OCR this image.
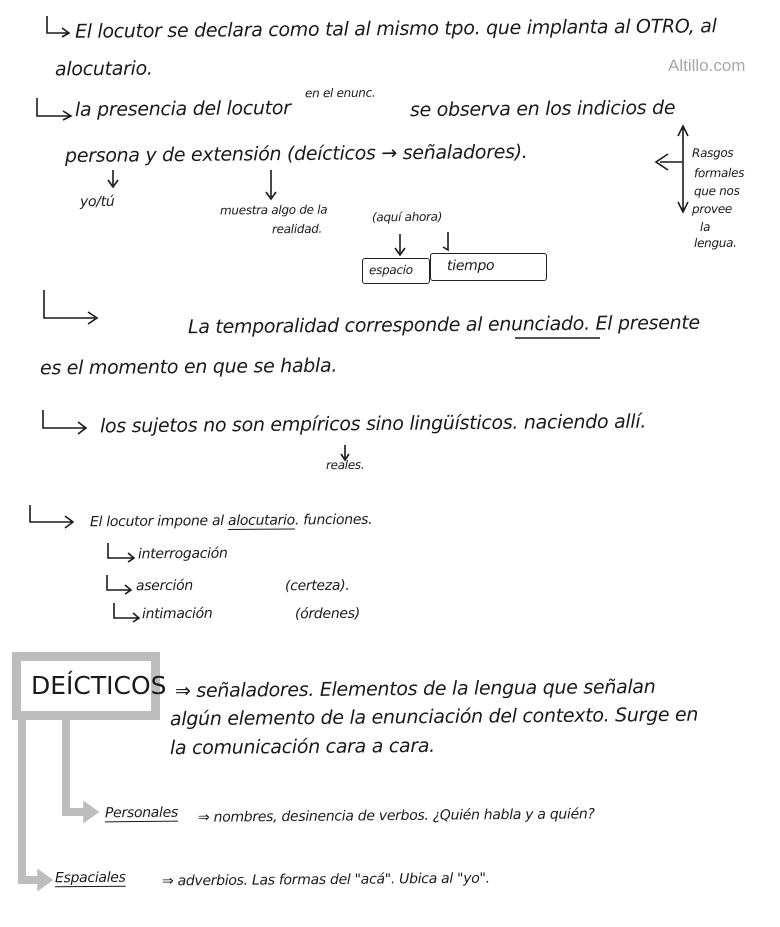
Altillo.com
El locutor se declara como tal al mismo tpo. que implanta al OTRO, al
alocutario.
la presencia del locutor
en el enunc.
se observa en los indicios de
persona y de extensión (deícticos → señaladores).
yo/tú	muestra algo de la
realidad.
(aquí ahora)
espacio tiempo
Rasgos
formales
que nos
provee
la
lengua.
La temporalidad corresponde al enunciado. El presente
es el momento en que se habla.
los sujetos no son empíricos sino lingüísticos. naciendo allí.
reales.
El locutor impone al alocutario. funciones.
interrogación
aserción	(certeza).
intimación	(órdenes)
DEÍCTICOS ⇒ señaladores. Elementos de la lengua que señalan
algún elemento de la enunciación del contexto. Surge en
la comunicación cara a cara.
Personales ⇒ nombres, desinencia de verbos. ¿Quién habla y a quién?
Espaciales	⇒ adverbios. Las formas del "acá". Ubica al "yo".
